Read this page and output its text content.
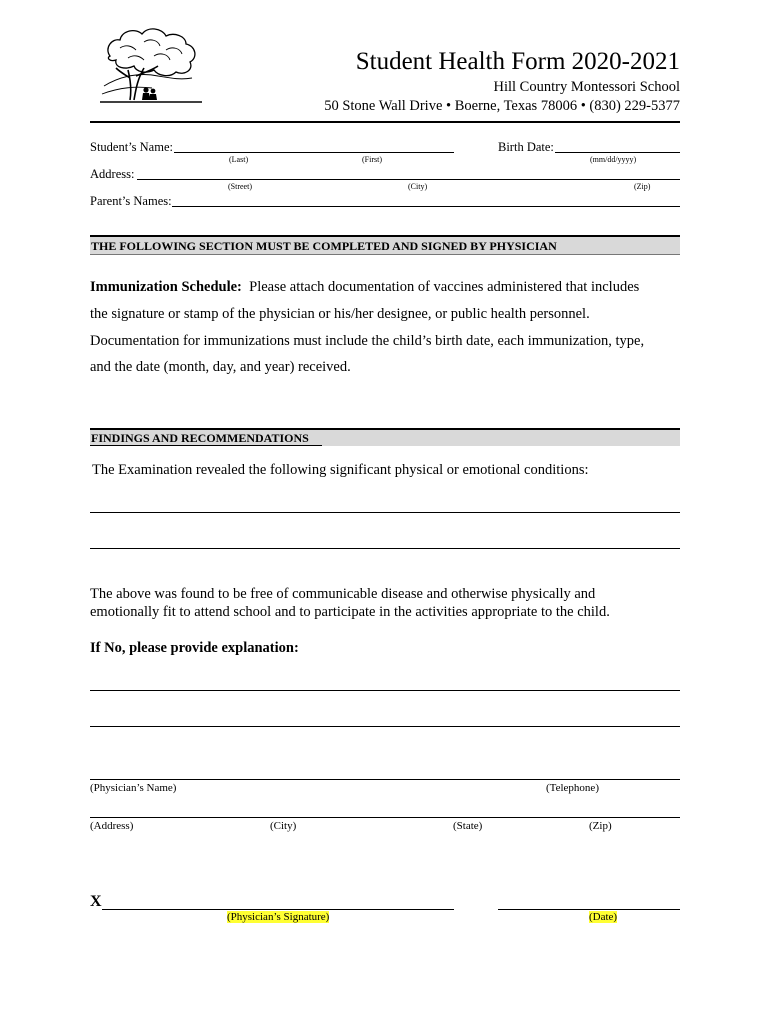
Student Health Form 2020-2021
Hill Country Montessori School
50 Stone Wall Drive • Boerne, Texas 78006 • (830) 229-5377
Student’s Name:
(Last)	(First)
Birth Date:
(mm/dd/yyyy)
Address:
(Street)	(City)	(Zip)
Parent’s Names:
THE FOLLOWING SECTION MUST BE COMPLETED AND SIGNED BY PHYSICIAN
Immunization Schedule: Please attach documentation of vaccines administered that includes
the signature or stamp of the physician or his/her designee, or public health personnel.
Documentation for immunizations must include the child’s birth date, each immunization, type,
and the date (month, day, and year) received.
FINDINGS AND RECOMMENDATIONS
The Examination revealed the following significant physical or emotional conditions:
The above was found to be free of communicable disease and otherwise physically and
emotionally fit to attend school and to participate in the activities appropriate to the child.
If No, please provide explanation:
(Physician’s Name)	(Telephone)
(Address)	(City)	(State)	(Zip)
X
(Physician’s Signature)	(Date)
